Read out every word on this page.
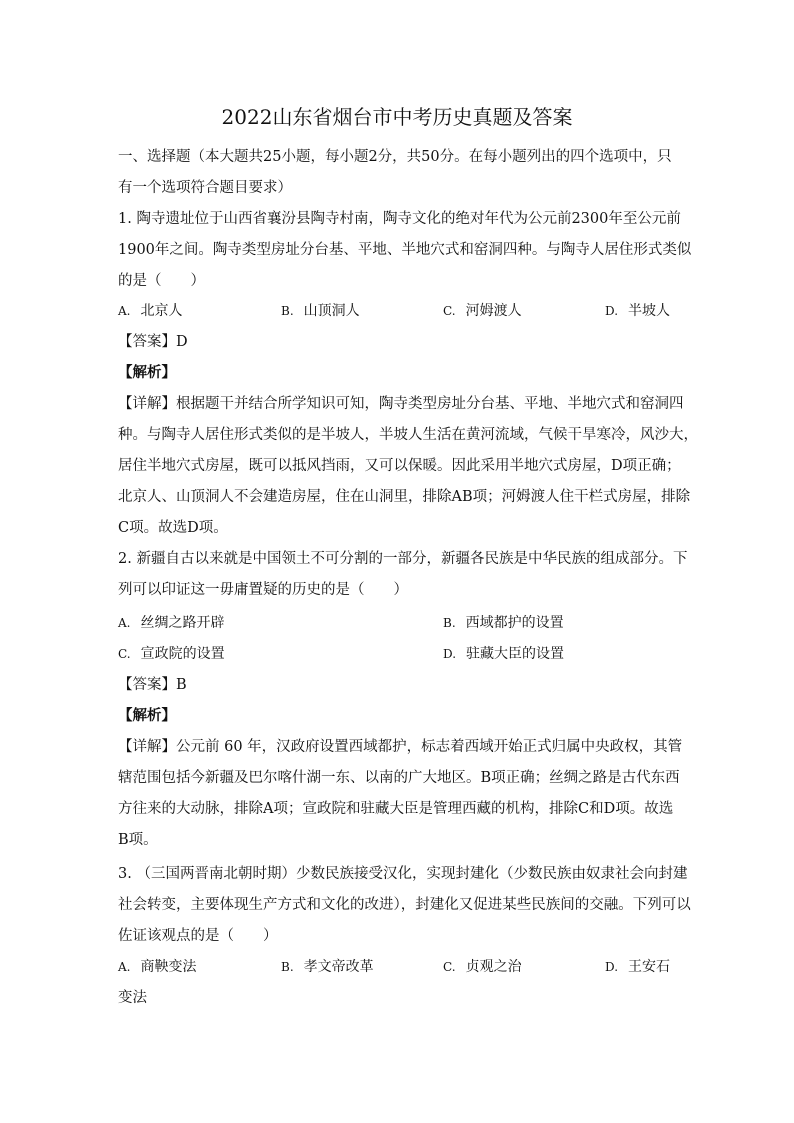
2022山东省烟台市中考历史真题及答案
一、选择题（本大题共25小题，每小题2分，共50分。在每小题列出的四个选项中，只
有一个选项符合题目要求）
1. 陶寺遗址位于山西省襄汾县陶寺村南，陶寺文化的绝对年代为公元前2300年至公元前
1900年之间。陶寺类型房址分台基、平地、半地穴式和窑洞四种。与陶寺人居住形式类似
的是（　　）
A. 北京人	B. 山顶洞人	C. 河姆渡人	D. 半坡人
【答案】D
【解析】
【详解】根据题干并结合所学知识可知，陶寺类型房址分台基、平地、半地穴式和窑洞四
种。与陶寺人居住形式类似的是半坡人，半坡人生活在黄河流域，气候干旱寒冷，风沙大，
居住半地穴式房屋，既可以抵风挡雨，又可以保暖。因此采用半地穴式房屋，D项正确；
北京人、山顶洞人不会建造房屋，住在山洞里，排除AB项；河姆渡人住干栏式房屋，排除
C项。故选D项。
2. 新疆自古以来就是中国领土不可分割的一部分，新疆各民族是中华民族的组成部分。下
列可以印证这一毋庸置疑的历史的是（　　）
A. 丝绸之路开辟	B. 西域都护的设置
C. 宣政院的设置	D. 驻藏大臣的设置
【答案】B
【解析】
【详解】公元前 60 年，汉政府设置西域都护，标志着西域开始正式归属中央政权，其管
辖范围包括今新疆及巴尔喀什湖一东、以南的广大地区。B项正确；丝绸之路是古代东西
方往来的大动脉，排除A项；宣政院和驻藏大臣是管理西藏的机构，排除C和D项。故选
B项。
3. （三国两晋南北朝时期）少数民族接受汉化，实现封建化（少数民族由奴隶社会向封建
社会转变，主要体现生产方式和文化的改进），封建化又促进某些民族间的交融。下列可以
佐证该观点的是（　　）
A. 商鞅变法	B. 孝文帝改革	C. 贞观之治	D. 王安石
变法
